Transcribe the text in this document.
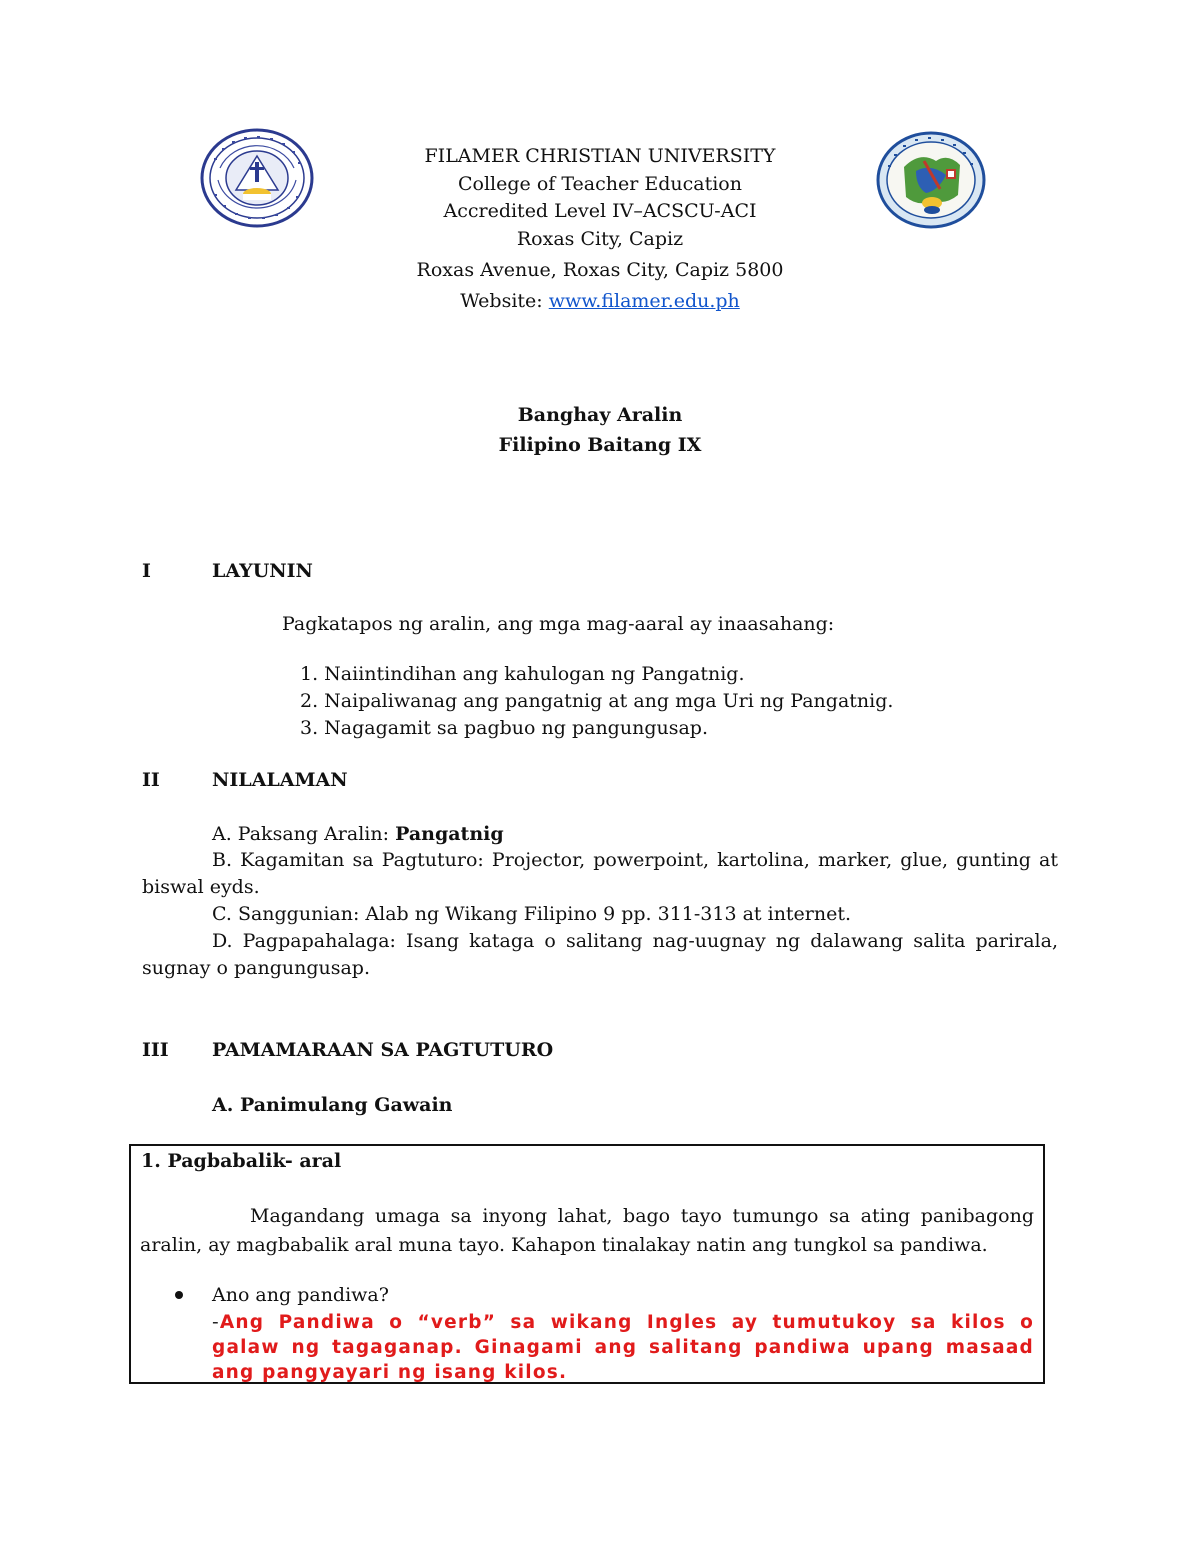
FILAMER CHRISTIAN UNIVERSITY
College of Teacher Education
Accredited Level IV–ACSCU-ACI
Roxas City, Capiz
Roxas Avenue, Roxas City, Capiz 5800
Website: www.filamer.edu.ph
Banghay Aralin
Filipino Baitang IX
I	LAYUNIN
Pagkatapos ng aralin, ang mga mag-aaral ay inaasahang:
1. Naiintindihan ang kahulogan ng Pangatnig.
2. Naipaliwanag ang pangatnig at ang mga Uri ng Pangatnig.
3. Nagagamit sa pagbuo ng pangungusap.
II	NILALAMAN
A. Paksang Aralin: Pangatnig
B. Kagamitan sa Pagtuturo: Projector, powerpoint, kartolina, marker, glue, gunting at biswal eyds.
C. Sanggunian: Alab ng Wikang Filipino 9 pp. 311-313 at internet.
D. Pagpapahalaga: Isang kataga o salitang nag-uugnay ng dalawang salita parirala, sugnay o pangungusap.
III PAMAMARAAN SA PAGTUTURO
A. Panimulang Gawain
1. Pagbabalik- aral
Magandang umaga sa inyong lahat, bago tayo tumungo sa ating panibagong aralin, ay magbabalik aral muna tayo. Kahapon tinalakay natin ang tungkol sa pandiwa.
Ano ang pandiwa?
-Ang Pandiwa o “verb” sa wikang Ingles ay tumutukoy sa kilos o galaw ng tagaganap. Ginagami ang salitang pandiwa upang masaad ang pangyayari ng isang kilos.
